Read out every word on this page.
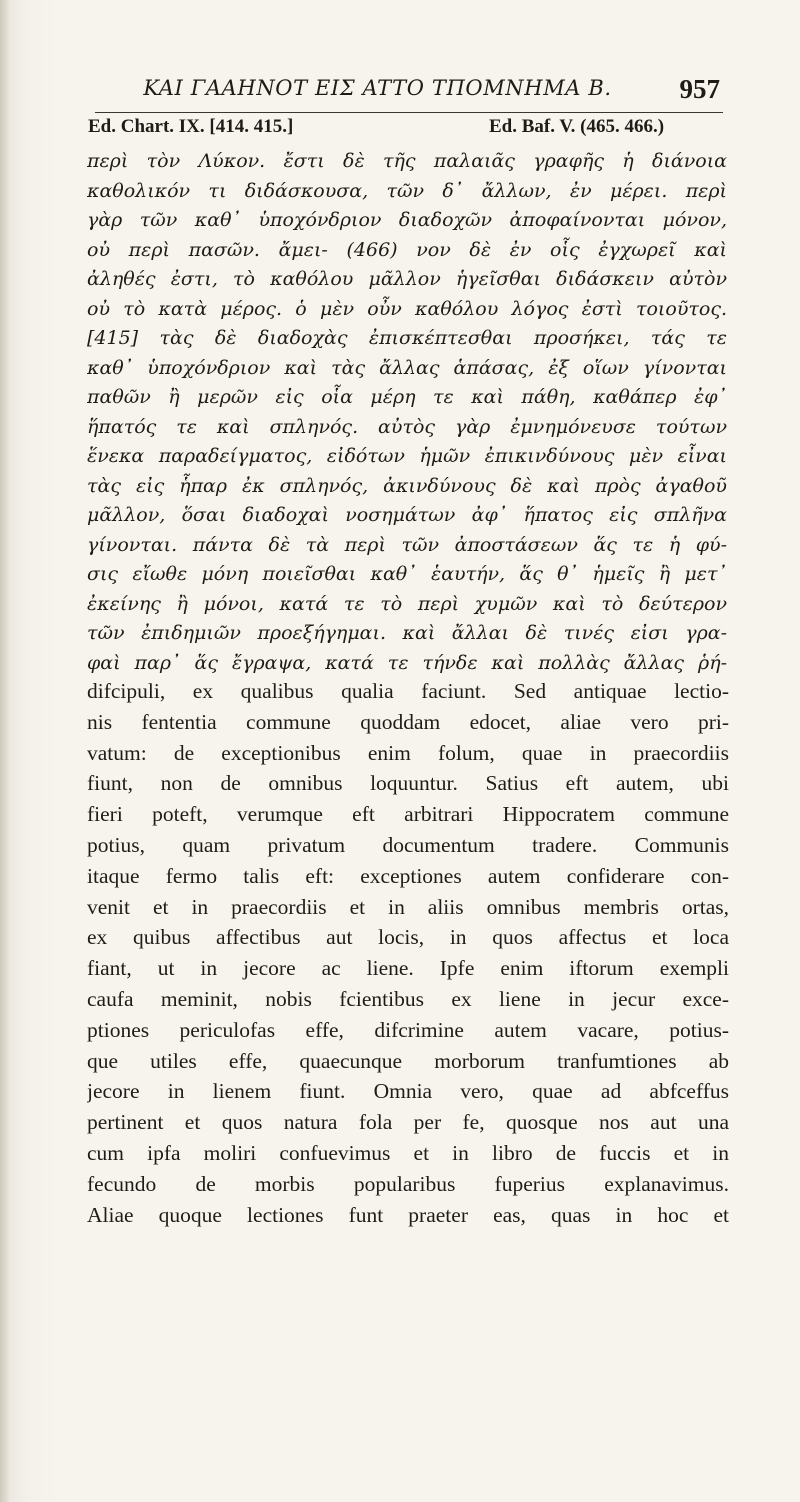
KAI ΓAAHNOT EIΣ ATTO TΠOMNHMA B.	957
Ed. Chart. IX. [414. 415.]	Ed. Baf. V. (465. 466.)
περὶ τὸν Λύκον. ἔστι δὲ τῆς παλαιᾶς γραφῆς ἡ διάνοια
καθολικόν τι διδάσκουσα, τῶν δ᾽ ἄλλων, ἐν μέρει. περὶ
γὰρ τῶν καθ᾽ ὑποχόνδριον διαδοχῶν ἀποφαίνονται μόνον,
οὐ περὶ πασῶν. ἄμει- (466) νον δὲ ἐν οἷς ἐγχωρεῖ καὶ
ἀληθές ἐστι, τὸ καθόλου μᾶλλον ἡγεῖσθαι διδάσκειν αὐτὸν
οὐ τὸ κατὰ μέρος. ὁ μὲν οὖν καθόλου λόγος ἐστὶ τοιοῦτος.
[415] τὰς δὲ διαδοχὰς ἐπισκέπτεσθαι προσήκει, τάς τε
καθ᾽ ὑποχόνδριον καὶ τὰς ἄλλας ἁπάσας, ἐξ οἵων γίνονται
παθῶν ἢ μερῶν εἰς οἷα μέρη τε καὶ πάθη, καθάπερ ἐφ᾽
ἥπατός τε καὶ σπληνός. αὐτὸς γὰρ ἐμνημόνευσε τούτων
ἕνεκα παραδείγματος, εἰδότων ἡμῶν ἐπικινδύνους μὲν εἶναι
τὰς εἰς ἧπαρ ἐκ σπληνός, ἀκινδύνους δὲ καὶ πρὸς ἀγαθοῦ
μᾶλλον, ὅσαι διαδοχαὶ νοσημάτων ἀφ᾽ ἥπατος εἰς σπλῆνα
γίνονται. πάντα δὲ τὰ περὶ τῶν ἀποστάσεων ἅς τε ἡ φύ-
σις εἴωθε μόνη ποιεῖσθαι καθ᾽ ἑαυτήν, ἅς θ᾽ ἡμεῖς ἢ μετ᾽
ἐκείνης ἢ μόνοι, κατά τε τὸ περὶ χυμῶν καὶ τὸ δεύτερον
τῶν ἐπιδημιῶν προεξήγημαι. καὶ ἄλλαι δὲ τινές εἰσι γρα-
φαὶ παρ᾽ ἅς ἔγραψα, κατά τε τήνδε καὶ πολλὰς ἄλλας ῥή-
difcipuli, ex qualibus qualia faciunt. Sed antiquae lectio-
nis fententia commune quoddam edocet, aliae vero pri-
vatum: de exceptionibus enim folum, quae in praecordiis
fiunt, non de omnibus loquuntur. Satius eft autem, ubi
fieri poteft, verumque eft arbitrari Hippocratem commune
potius, quam privatum documentum tradere. Communis
itaque fermo talis eft: exceptiones autem confiderare con-
venit et in praecordiis et in aliis omnibus membris ortas,
ex quibus affectibus aut locis, in quos affectus et loca
fiant, ut in jecore ac liene. Ipfe enim iftorum exempli
caufa meminit, nobis fcientibus ex liene in jecur exce-
ptiones periculofas effe, difcrimine autem vacare, potius-
que utiles effe, quaecunque morborum tranfumtiones ab
jecore in lienem fiunt. Omnia vero, quae ad abfceffus
pertinent et quos natura fola per fe, quosque nos aut una
cum ipfa moliri confuevimus et in libro de fuccis et in
fecundo de morbis popularibus fuperius explanavimus.
Aliae quoque lectiones funt praeter eas, quas in hoc et
